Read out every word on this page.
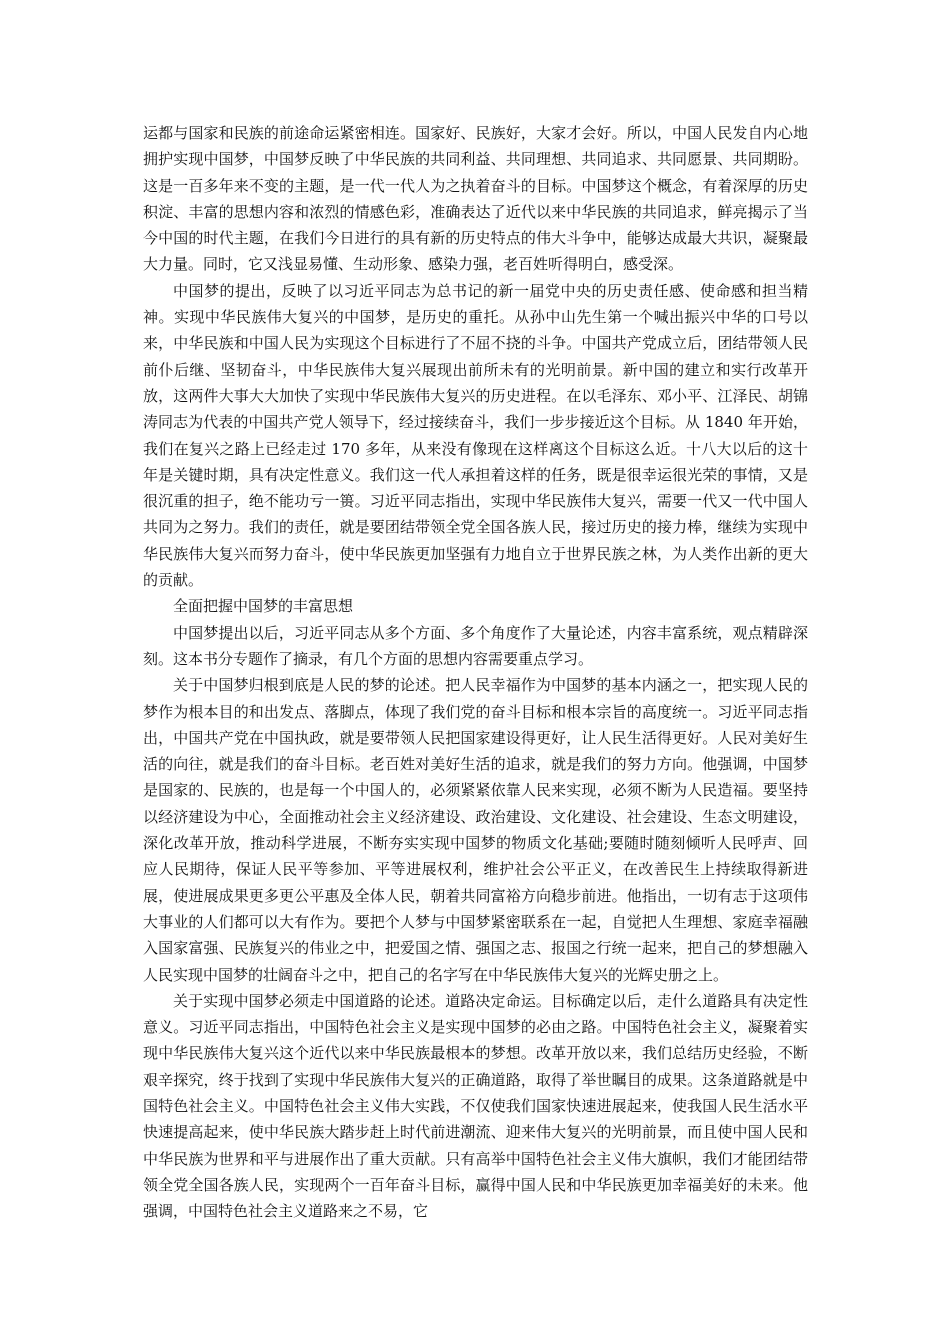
运都与国家和民族的前途命运紧密相连。国家好、民族好，大家才会好。所以，中国人民发自内心地拥护实现中国梦，中国梦反映了中华民族的共同利益、共同理想、共同追求、共同愿景、共同期盼。这是一百多年来不变的主题，是一代一代人为之执着奋斗的目标。中国梦这个概念，有着深厚的历史积淀、丰富的思想内容和浓烈的情感色彩，准确表达了近代以来中华民族的共同追求，鲜亮揭示了当今中国的时代主题，在我们今日进行的具有新的历史特点的伟大斗争中，能够达成最大共识，凝聚最大力量。同时，它又浅显易懂、生动形象、感染力强，老百姓听得明白，感受深。

中国梦的提出，反映了以习近平同志为总书记的新一届党中央的历史责任感、使命感和担当精神。实现中华民族伟大复兴的中国梦，是历史的重托。从孙中山先生第一个喊出振兴中华的口号以来，中华民族和中国人民为实现这个目标进行了不屈不挠的斗争。中国共产党成立后，团结带领人民前仆后继、坚韧奋斗，中华民族伟大复兴展现出前所未有的光明前景。新中国的建立和实行改革开放，这两件大事大大加快了实现中华民族伟大复兴的历史进程。在以毛泽东、邓小平、江泽民、胡锦涛同志为代表的中国共产党人领导下，经过接续奋斗，我们一步步接近这个目标。从 1840 年开始，我们在复兴之路上已经走过 170 多年，从来没有像现在这样离这个目标这么近。十八大以后的这十年是关键时期，具有决定性意义。我们这一代人承担着这样的任务，既是很幸运很光荣的事情，又是很沉重的担子，绝不能功亏一篑。习近平同志指出，实现中华民族伟大复兴，需要一代又一代中国人共同为之努力。我们的责任，就是要团结带领全党全国各族人民，接过历史的接力棒，继续为实现中华民族伟大复兴而努力奋斗，使中华民族更加坚强有力地自立于世界民族之林，为人类作出新的更大的贡献。

全面把握中国梦的丰富思想

中国梦提出以后，习近平同志从多个方面、多个角度作了大量论述，内容丰富系统，观点精辟深刻。这本书分专题作了摘录，有几个方面的思想内容需要重点学习。

关于中国梦归根到底是人民的梦的论述。把人民幸福作为中国梦的基本内涵之一，把实现人民的梦作为根本目的和出发点、落脚点，体现了我们党的奋斗目标和根本宗旨的高度统一。习近平同志指出，中国共产党在中国执政，就是要带领人民把国家建设得更好，让人民生活得更好。人民对美好生活的向往，就是我们的奋斗目标。老百姓对美好生活的追求，就是我们的努力方向。他强调，中国梦是国家的、民族的，也是每一个中国人的，必须紧紧依靠人民来实现，必须不断为人民造福。要坚持以经济建设为中心，全面推动社会主义经济建设、政治建设、文化建设、社会建设、生态文明建设，深化改革开放，推动科学进展，不断夯实实现中国梦的物质文化基础;要随时随刻倾听人民呼声、回应人民期待，保证人民平等参加、平等进展权利，维护社会公平正义，在改善民生上持续取得新进展，使进展成果更多更公平惠及全体人民，朝着共同富裕方向稳步前进。他指出，一切有志于这项伟大事业的人们都可以大有作为。要把个人梦与中国梦紧密联系在一起，自觉把人生理想、家庭幸福融入国家富强、民族复兴的伟业之中，把爱国之情、强国之志、报国之行统一起来，把自己的梦想融入人民实现中国梦的壮阔奋斗之中，把自己的名字写在中华民族伟大复兴的光辉史册之上。

关于实现中国梦必须走中国道路的论述。道路决定命运。目标确定以后，走什么道路具有决定性意义。习近平同志指出，中国特色社会主义是实现中国梦的必由之路。中国特色社会主义，凝聚着实现中华民族伟大复兴这个近代以来中华民族最根本的梦想。改革开放以来，我们总结历史经验，不断艰辛探究，终于找到了实现中华民族伟大复兴的正确道路，取得了举世瞩目的成果。这条道路就是中国特色社会主义。中国特色社会主义伟大实践，不仅使我们国家快速进展起来，使我国人民生活水平快速提高起来，使中华民族大踏步赶上时代前进潮流、迎来伟大复兴的光明前景，而且使中国人民和中华民族为世界和平与进展作出了重大贡献。只有高举中国特色社会主义伟大旗帜，我们才能团结带领全党全国各族人民，实现两个一百年奋斗目标，赢得中国人民和中华民族更加幸福美好的未来。他强调，中国特色社会主义道路来之不易，它
